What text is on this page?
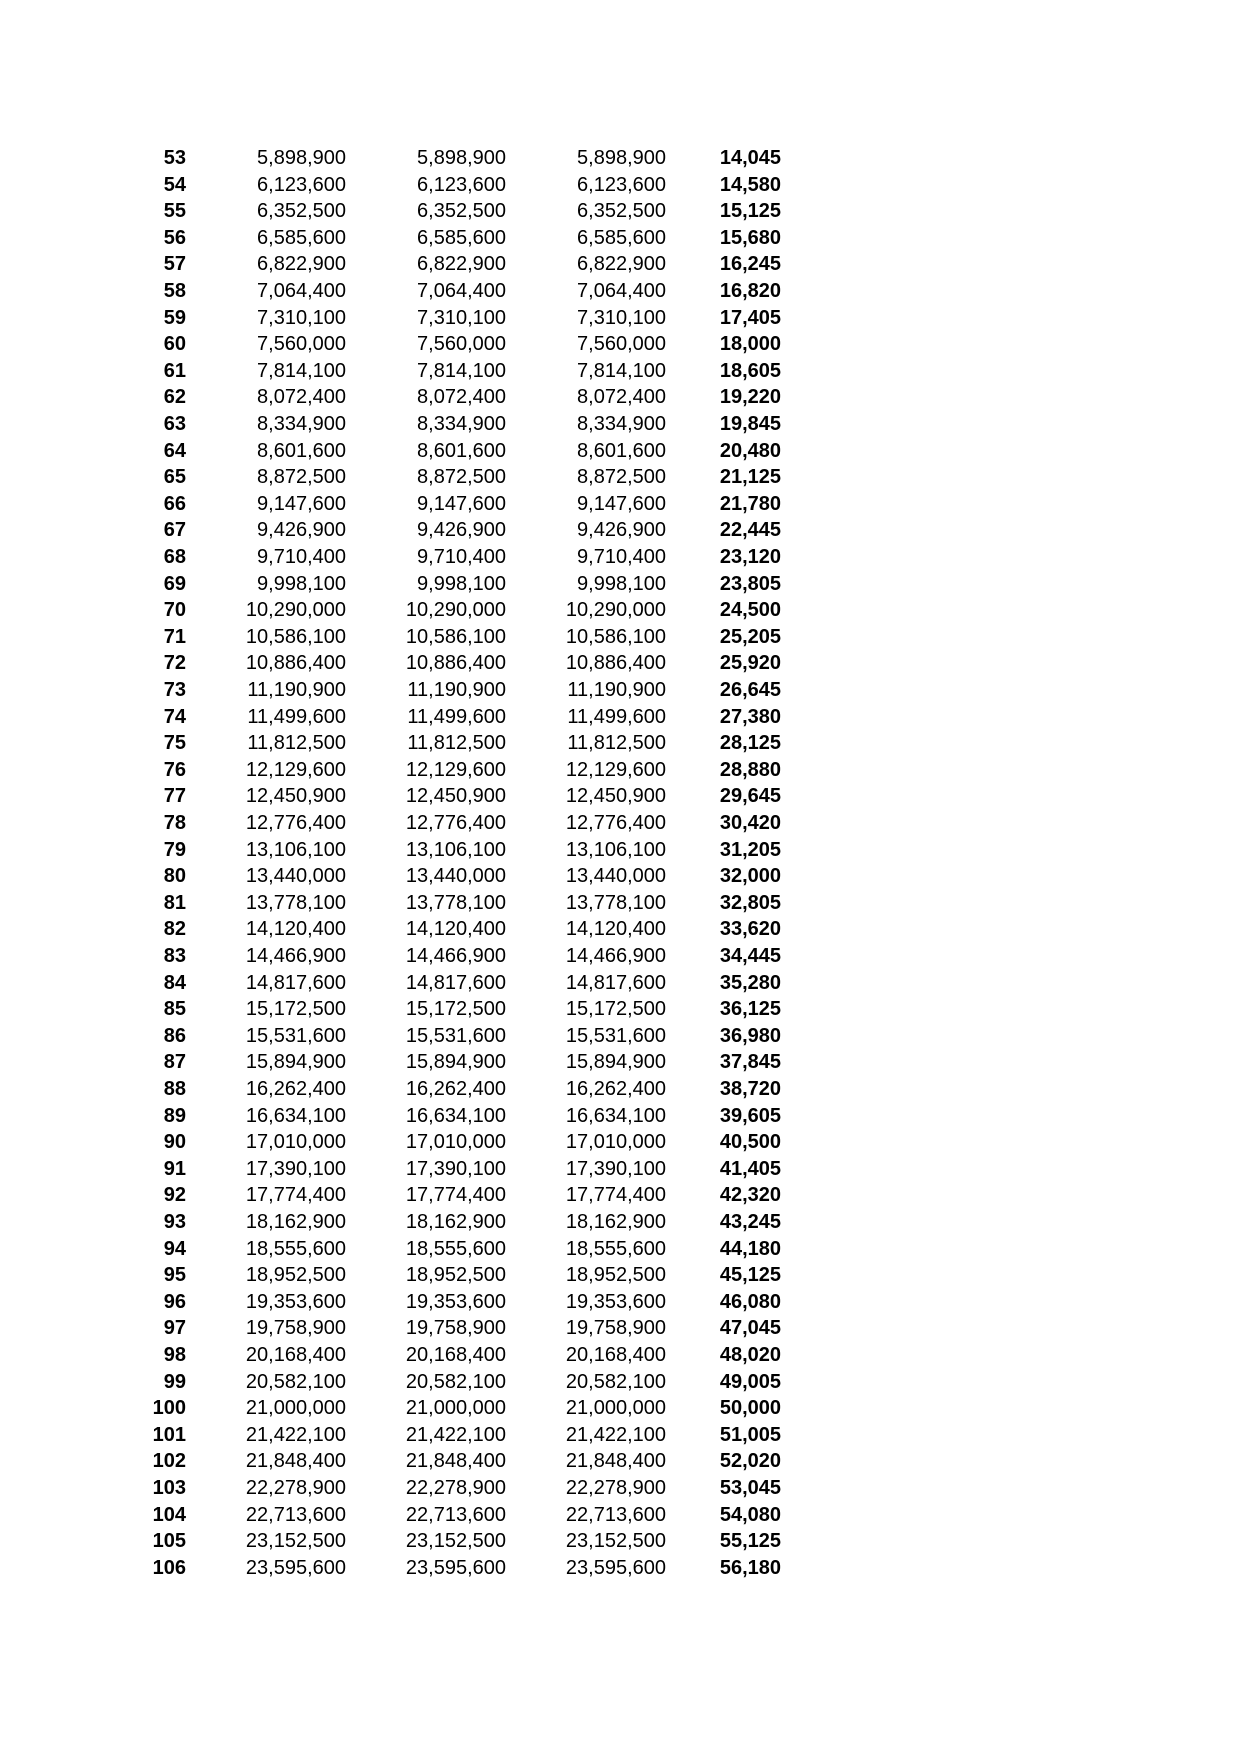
53	5,898,900	5,898,900	5,898,900	14,045
54	6,123,600	6,123,600	6,123,600	14,580
55	6,352,500	6,352,500	6,352,500	15,125
56	6,585,600	6,585,600	6,585,600	15,680
57	6,822,900	6,822,900	6,822,900	16,245
58	7,064,400	7,064,400	7,064,400	16,820
59	7,310,100	7,310,100	7,310,100	17,405
60	7,560,000	7,560,000	7,560,000	18,000
61	7,814,100	7,814,100	7,814,100	18,605
62	8,072,400	8,072,400	8,072,400	19,220
63	8,334,900	8,334,900	8,334,900	19,845
64	8,601,600	8,601,600	8,601,600	20,480
65	8,872,500	8,872,500	8,872,500	21,125
66	9,147,600	9,147,600	9,147,600	21,780
67	9,426,900	9,426,900	9,426,900	22,445
68	9,710,400	9,710,400	9,710,400	23,120
69	9,998,100	9,998,100	9,998,100	23,805
70	10,290,000	10,290,000	10,290,000	24,500
71	10,586,100	10,586,100	10,586,100	25,205
72	10,886,400	10,886,400	10,886,400	25,920
73	11,190,900	11,190,900	11,190,900	26,645
74	11,499,600	11,499,600	11,499,600	27,380
75	11,812,500	11,812,500	11,812,500	28,125
76	12,129,600	12,129,600	12,129,600	28,880
77	12,450,900	12,450,900	12,450,900	29,645
78	12,776,400	12,776,400	12,776,400	30,420
79	13,106,100	13,106,100	13,106,100	31,205
80	13,440,000	13,440,000	13,440,000	32,000
81	13,778,100	13,778,100	13,778,100	32,805
82	14,120,400	14,120,400	14,120,400	33,620
83	14,466,900	14,466,900	14,466,900	34,445
84	14,817,600	14,817,600	14,817,600	35,280
85	15,172,500	15,172,500	15,172,500	36,125
86	15,531,600	15,531,600	15,531,600	36,980
87	15,894,900	15,894,900	15,894,900	37,845
88	16,262,400	16,262,400	16,262,400	38,720
89	16,634,100	16,634,100	16,634,100	39,605
90	17,010,000	17,010,000	17,010,000	40,500
91	17,390,100	17,390,100	17,390,100	41,405
92	17,774,400	17,774,400	17,774,400	42,320
93	18,162,900	18,162,900	18,162,900	43,245
94	18,555,600	18,555,600	18,555,600	44,180
95	18,952,500	18,952,500	18,952,500	45,125
96	19,353,600	19,353,600	19,353,600	46,080
97	19,758,900	19,758,900	19,758,900	47,045
98	20,168,400	20,168,400	20,168,400	48,020
99	20,582,100	20,582,100	20,582,100	49,005
100	21,000,000	21,000,000	21,000,000	50,000
101	21,422,100	21,422,100	21,422,100	51,005
102	21,848,400	21,848,400	21,848,400	52,020
103	22,278,900	22,278,900	22,278,900	53,045
104	22,713,600	22,713,600	22,713,600	54,080
105	23,152,500	23,152,500	23,152,500	55,125
106	23,595,600	23,595,600	23,595,600	56,180
